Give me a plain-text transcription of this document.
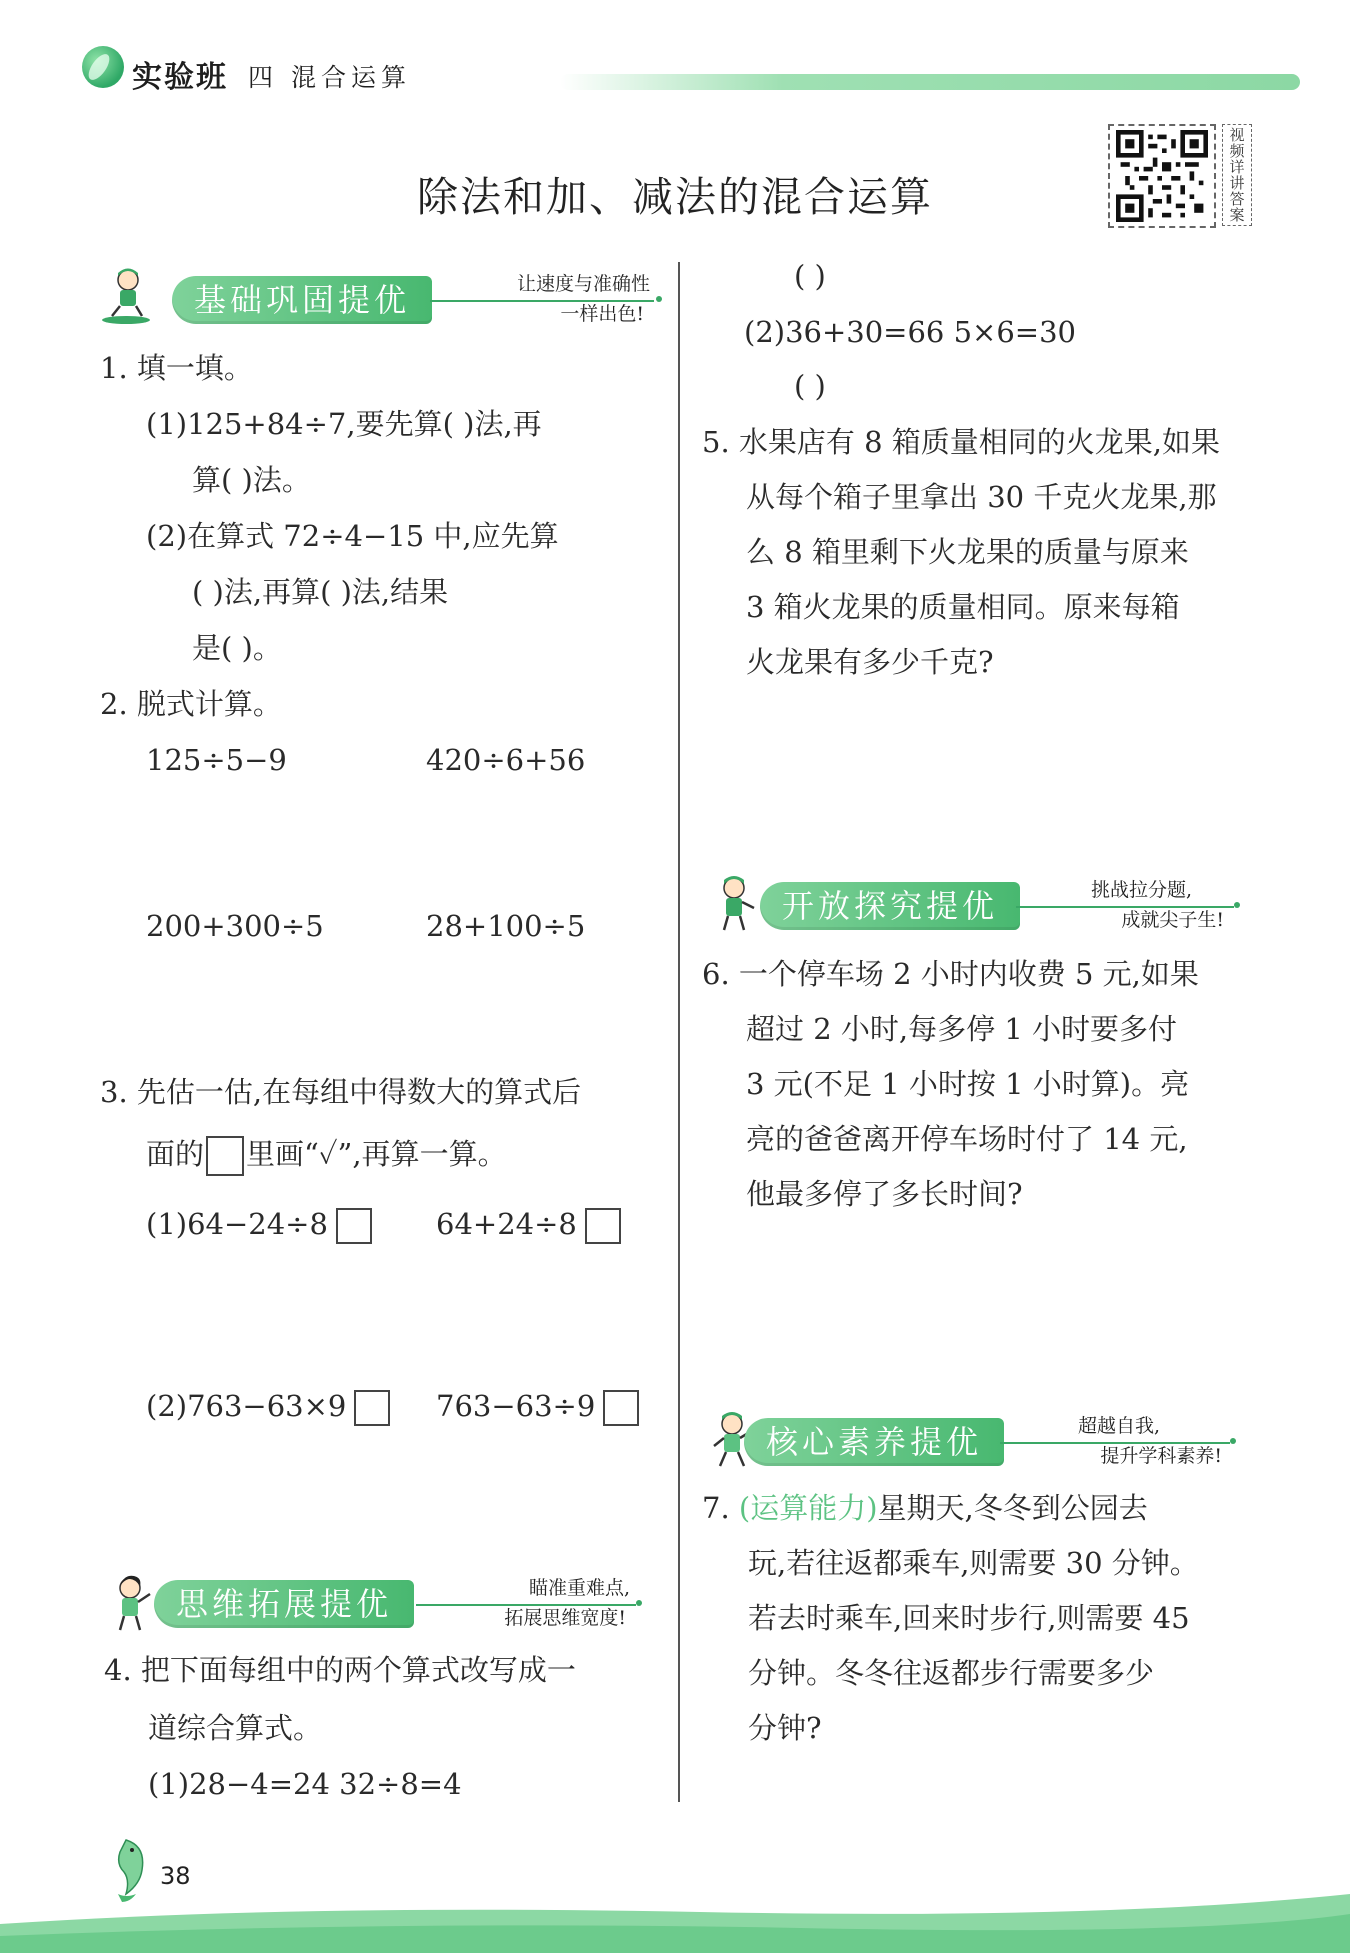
实验班 四 混合运算
除法和加、减法的混合运算
视频详讲答案
基础巩固提优	让速度与准确性
一样出色!
1. 填一填。
(1)125+84÷7,要先算( )法,再
算( )法。
(2)在算式 72÷4−15 中,应先算
( )法,再算( )法,结果
是( )。
2. 脱式计算。
125÷5−9	420÷6+56
200+300÷5	28+100÷5
3. 先估一估,在每组中得数大的算式后
面的 里画“✓”,再算一算。
(1)64−24÷8	64+24÷8
(2)763−63×9	763−63÷9
思维拓展提优	瞄准重难点,
拓展思维宽度!
4. 把下面每组中的两个算式改写成一
道综合算式。
(1)28−4=24 32÷8=4
( )
(2)36+30=66 5×6=30
( )
5. 水果店有 8 箱质量相同的火龙果,如果
从每个箱子里拿出 30 千克火龙果,那
么 8 箱里剩下火龙果的质量与原来
3 箱火龙果的质量相同。原来每箱
火龙果有多少千克?
开放探究提优	挑战拉分题,
成就尖子生!
6. 一个停车场 2 小时内收费 5 元,如果
超过 2 小时,每多停 1 小时要多付
3 元(不足 1 小时按 1 小时算)。亮
亮的爸爸离开停车场时付了 14 元,
他最多停了多长时间?
核心素养提优	超越自我,
提升学科素养!
7. (运算能力)星期天,冬冬到公园去
玩,若往返都乘车,则需要 30 分钟。
若去时乘车,回来时步行,则需要 45
分钟。冬冬往返都步行需要多少
分钟?
38
